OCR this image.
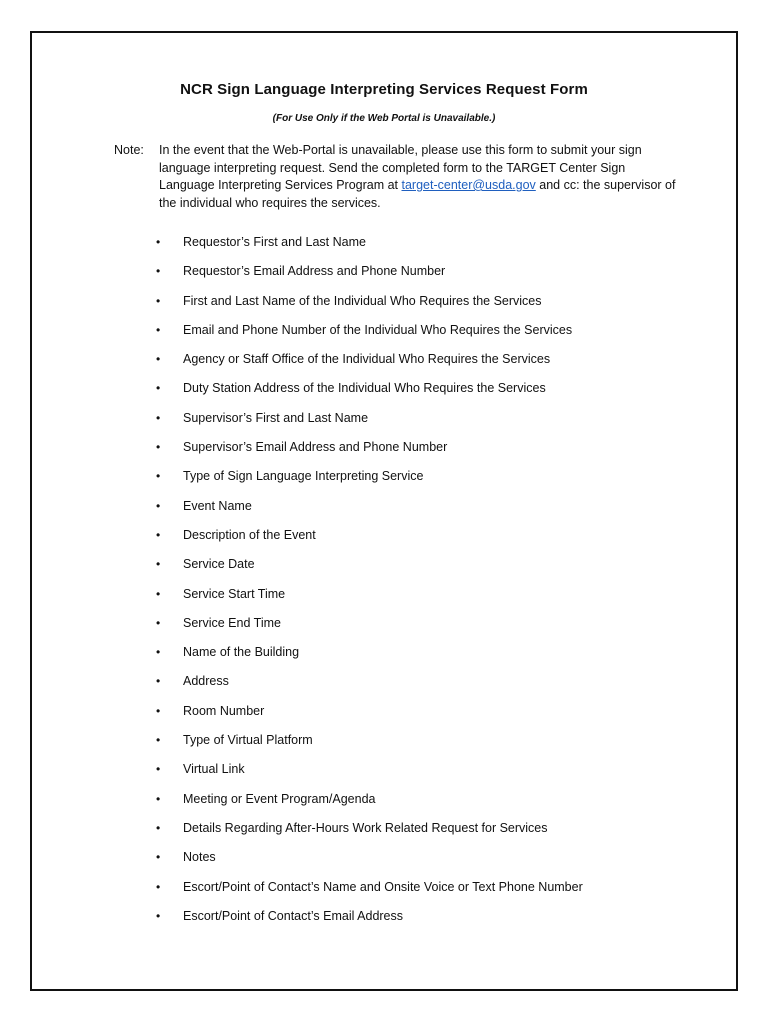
NCR Sign Language Interpreting Services Request Form
(For Use Only if the Web Portal is Unavailable.)
Note: In the event that the Web-Portal is unavailable, please use this form to submit your sign language interpreting request. Send the completed form to the TARGET Center Sign Language Interpreting Services Program at target-center@usda.gov and cc: the supervisor of the individual who requires the services.
•	Requestor’s First and Last Name
•	Requestor’s Email Address and Phone Number
•	First and Last Name of the Individual Who Requires the Services
•	Email and Phone Number of the Individual Who Requires the Services
•	Agency or Staff Office of the Individual Who Requires the Services
•	Duty Station Address of the Individual Who Requires the Services
•	Supervisor’s First and Last Name
•	Supervisor’s Email Address and Phone Number
•	Type of Sign Language Interpreting Service
•	Event Name
•	Description of the Event
•	Service Date
•	Service Start Time
•	Service End Time
•	Name of the Building
•	Address
•	Room Number
•	Type of Virtual Platform
•	Virtual Link
•	Meeting or Event Program/Agenda
•	Details Regarding After-Hours Work Related Request for Services
•	Notes
•	Escort/Point of Contact’s Name and Onsite Voice or Text Phone Number
•	Escort/Point of Contact’s Email Address
